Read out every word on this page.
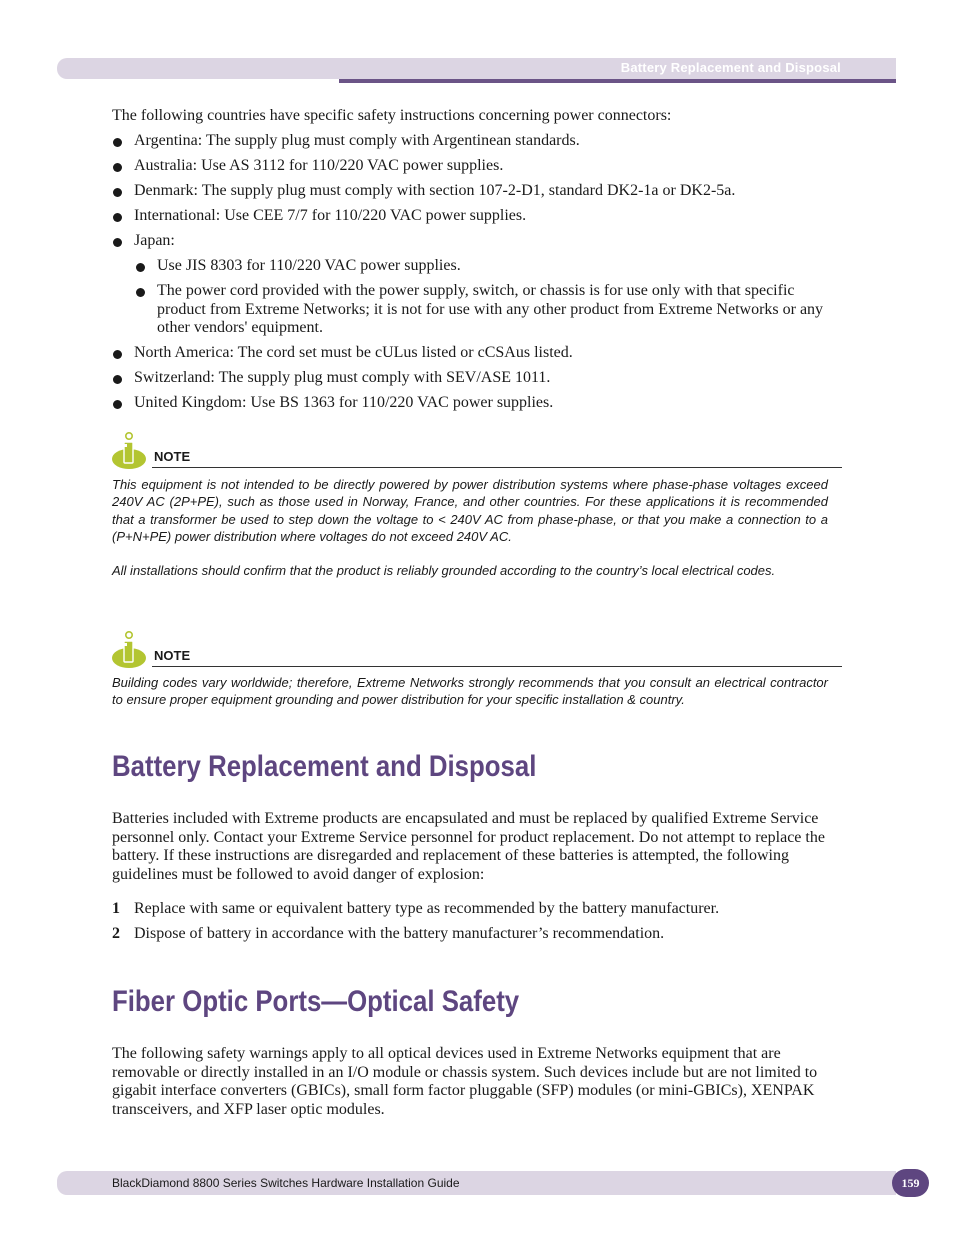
Battery Replacement and Disposal

The following countries have specific safety instructions concerning power connectors:

Argentina: The supply plug must comply with Argentinean standards.
Australia: Use AS 3112 for 110/220 VAC power supplies.
Denmark: The supply plug must comply with section 107-2-D1, standard DK2-1a or DK2-5a.
International: Use CEE 7/7 for 110/220 VAC power supplies.
Japan:
Use JIS 8303 for 110/220 VAC power supplies.
The power cord provided with the power supply, switch, or chassis is for use only with that specific product from Extreme Networks; it is not for use with any other product from Extreme Networks or any other vendors' equipment.
North America: The cord set must be cULus listed or cCSAus listed.
Switzerland: The supply plug must comply with SEV/ASE 1011.
United Kingdom: Use BS 1363 for 110/220 VAC power supplies.
NOTE

This equipment is not intended to be directly powered by power distribution systems where phase-phase voltages exceed 240V AC (2P+PE), such as those used in Norway, France, and other countries. For these applications it is recommended that a transformer be used to step down the voltage to < 240V AC from phase-phase, or that you make a connection to a (P+N+PE) power distribution where voltages do not exceed 240V AC.

All installations should confirm that the product is reliably grounded according to the country’s local electrical codes.

NOTE

Building codes vary worldwide; therefore, Extreme Networks strongly recommends that you consult an electrical contractor to ensure proper equipment grounding and power distribution for your specific installation & country.

Battery Replacement and Disposal

Batteries included with Extreme products are encapsulated and must be replaced by qualified Extreme Service personnel only. Contact your Extreme Service personnel for product replacement. Do not attempt to replace the battery. If these instructions are disregarded and replacement of these batteries is attempted, the following guidelines must be followed to avoid danger of explosion:

1 Replace with same or equivalent battery type as recommended by the battery manufacturer.
2 Dispose of battery in accordance with the battery manufacturer’s recommendation.
Fiber Optic Ports—Optical Safety

The following safety warnings apply to all optical devices used in Extreme Networks equipment that are removable or directly installed in an I/O module or chassis system. Such devices include but are not limited to gigabit interface converters (GBICs), small form factor pluggable (SFP) modules (or mini-GBICs), XENPAK transceivers, and XFP laser optic modules.

BlackDiamond 8800 Series Switches Hardware Installation Guide	159
